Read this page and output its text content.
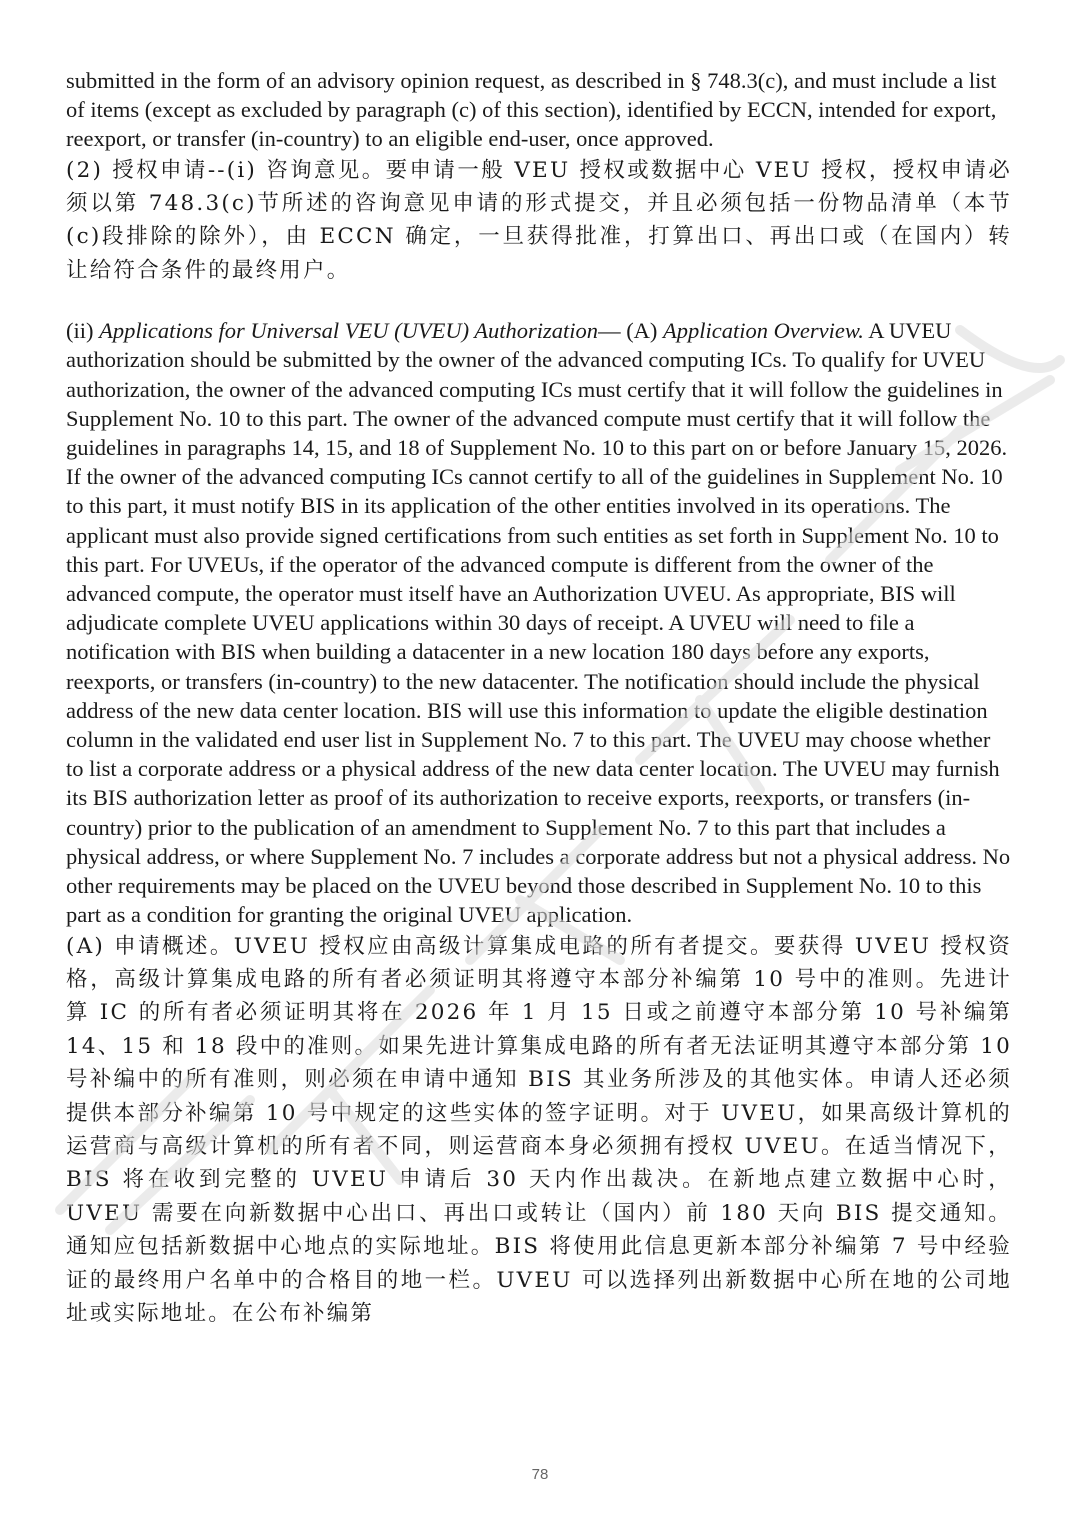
submitted in the form of an advisory opinion request, as described in § 748.3(c), and must include a list of items (except as excluded by paragraph (c) of this section), identified by ECCN, intended for export, reexport, or transfer (in-country) to an eligible end-user, once approved.

(2) 授权申请--(i) 咨询意见。要申请一般 VEU 授权或数据中心 VEU 授权，授权申请必须以第 748.3(c)节所述的咨询意见申请的形式提交，并且必须包括一份物品清单（本节(c)段排除的除外），由 ECCN 确定，一旦获得批准，打算出口、再出口或（在国内）转让给符合条件的最终用户。

(ii) Applications for Universal VEU (UVEU) Authorization— (A) Application Overview. A UVEU authorization should be submitted by the owner of the advanced computing ICs. To qualify for UVEU authorization, the owner of the advanced computing ICs must certify that it will follow the guidelines in Supplement No. 10 to this part. The owner of the advanced compute must certify that it will follow the guidelines in paragraphs 14, 15, and 18 of Supplement No. 10 to this part on or before January 15, 2026. If the owner of the advanced computing ICs cannot certify to all of the guidelines in Supplement No. 10 to this part, it must notify BIS in its application of the other entities involved in its operations. The applicant must also provide signed certifications from such entities as set forth in Supplement No. 10 to this part. For UVEUs, if the operator of the advanced compute is different from the owner of the advanced compute, the operator must itself have an Authorization UVEU. As appropriate, BIS will adjudicate complete UVEU applications within 30 days of receipt. A UVEU will need to file a notification with BIS when building a datacenter in a new location 180 days before any exports, reexports, or transfers (in-country) to the new datacenter. The notification should include the physical address of the new data center location. BIS will use this information to update the eligible destination column in the validated end user list in Supplement No. 7 to this part. The UVEU may choose whether to list a corporate address or a physical address of the new data center location. The UVEU may furnish its BIS authorization letter as proof of its authorization to receive exports, reexports, or transfers (in-country) prior to the publication of an amendment to Supplement No. 7 to this part that includes a physical address, or where Supplement No. 7 includes a corporate address but not a physical address. No other requirements may be placed on the UVEU beyond those described in Supplement No. 10 to this part as a condition for granting the original UVEU application.

(A) 申请概述。UVEU 授权应由高级计算集成电路的所有者提交。要获得 UVEU 授权资格，高级计算集成电路的所有者必须证明其将遵守本部分补编第 10 号中的准则。先进计算 IC 的所有者必须证明其将在 2026 年 1 月 15 日或之前遵守本部分第 10 号补编第 14、15 和 18 段中的准则。如果先进计算集成电路的所有者无法证明其遵守本部分第 10 号补编中的所有准则，则必须在申请中通知 BIS 其业务所涉及的其他实体。申请人还必须提供本部分补编第 10 号中规定的这些实体的签字证明。对于 UVEU，如果高级计算机的运营商与高级计算机的所有者不同，则运营商本身必须拥有授权 UVEU。在适当情况下，BIS 将在收到完整的 UVEU 申请后 30 天内作出裁决。在新地点建立数据中心时，UVEU 需要在向新数据中心出口、再出口或转让（国内）前 180 天向 BIS 提交通知。通知应包括新数据中心地点的实际地址。BIS 将使用此信息更新本部分补编第 7 号中经验证的最终用户名单中的合格目的地一栏。UVEU 可以选择列出新数据中心所在地的公司地址或实际地址。在公布补编第

78
